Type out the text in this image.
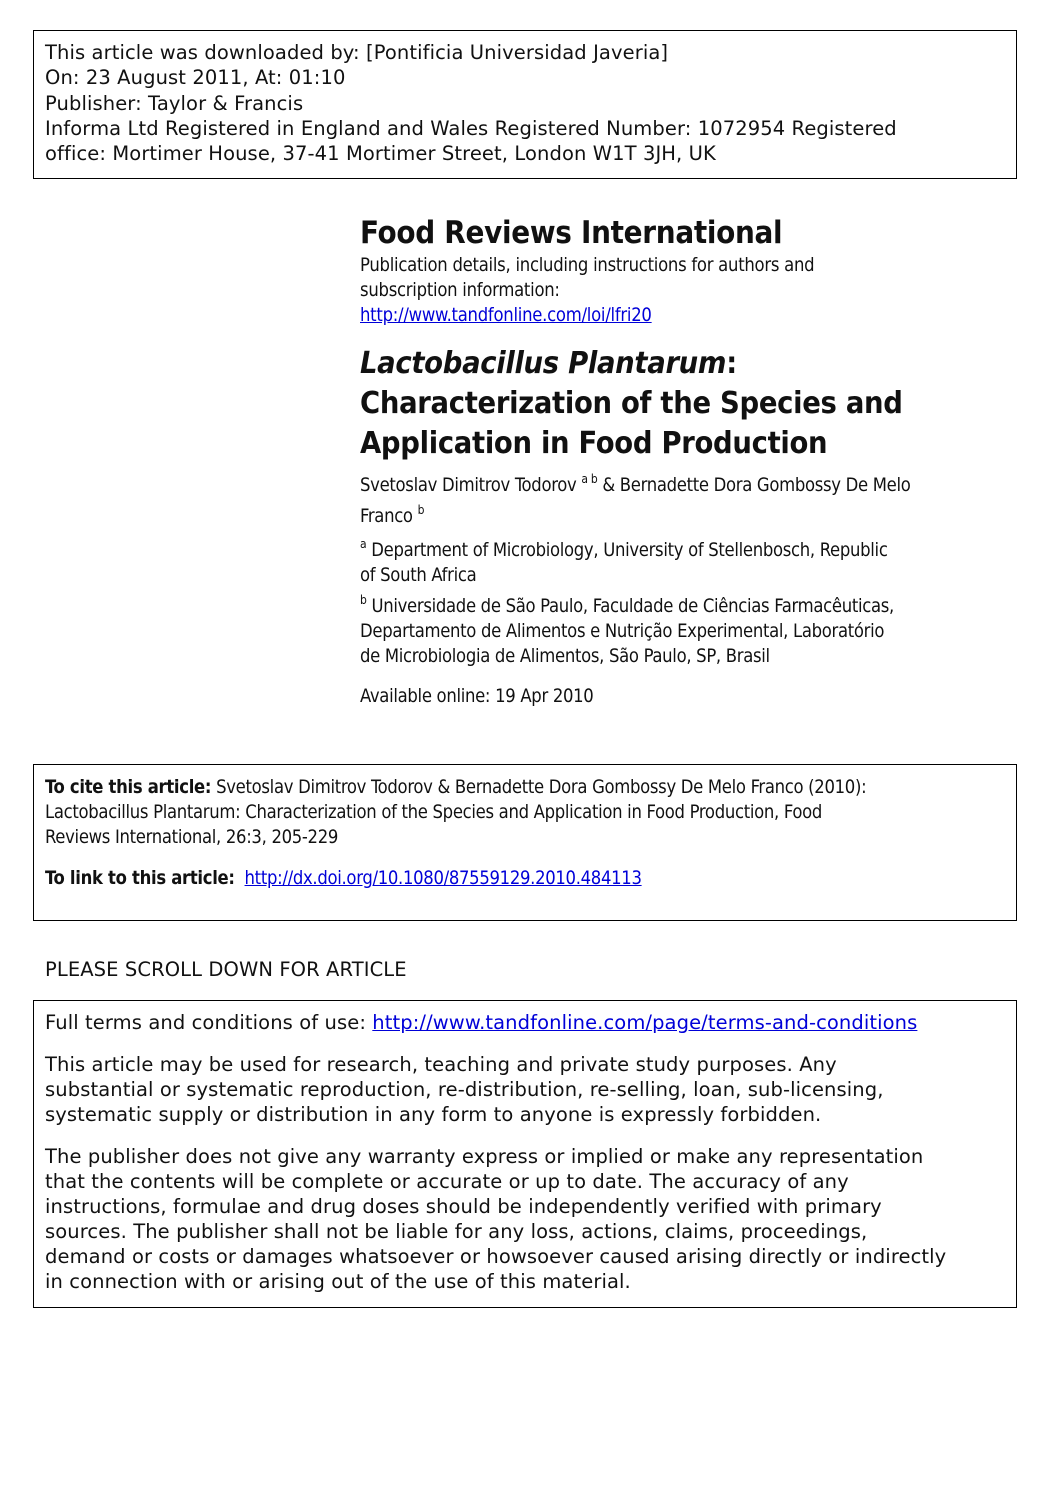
This article was downloaded by: [Pontificia Universidad Javeria]
On: 23 August 2011, At: 01:10
Publisher: Taylor & Francis
Informa Ltd Registered in England and Wales Registered Number: 1072954 Registered
office: Mortimer House, 37-41 Mortimer Street, London W1T 3JH, UK
Food Reviews International
Publication details, including instructions for authors and
subscription information:
http://www.tandfonline.com/loi/lfri20
Lactobacillus Plantarum:
Characterization of the Species and
Application in Food Production
Svetoslav Dimitrov Todorov $^{a b}$ & Bernadette Dora Gombossy De Melo
Franco $^b$
$^a$ Department of Microbiology, University of Stellenbosch, Republic
of South Africa
$^b$ Universidade de São Paulo, Faculdade de Ciências Farmacêuticas,
Departamento de Alimentos e Nutrição Experimental, Laboratório
de Microbiologia de Alimentos, São Paulo, SP, Brasil
Available online: 19 Apr 2010
To cite this article: Svetoslav Dimitrov Todorov & Bernadette Dora Gombossy De Melo Franco (2010):
Lactobacillus Plantarum: Characterization of the Species and Application in Food Production, Food
Reviews International, 26:3, 205-229
To link to this article: http://dx.doi.org/10.1080/87559129.2010.484113
PLEASE SCROLL DOWN FOR ARTICLE
Full terms and conditions of use: http://www.tandfonline.com/page/terms-and-conditions
This article may be used for research, teaching and private study purposes. Any
substantial or systematic reproduction, re-distribution, re-selling, loan, sub-licensing,
systematic supply or distribution in any form to anyone is expressly forbidden.
The publisher does not give any warranty express or implied or make any representation
that the contents will be complete or accurate or up to date. The accuracy of any
instructions, formulae and drug doses should be independently verified with primary
sources. The publisher shall not be liable for any loss, actions, claims, proceedings,
demand or costs or damages whatsoever or howsoever caused arising directly or indirectly
in connection with or arising out of the use of this material.
